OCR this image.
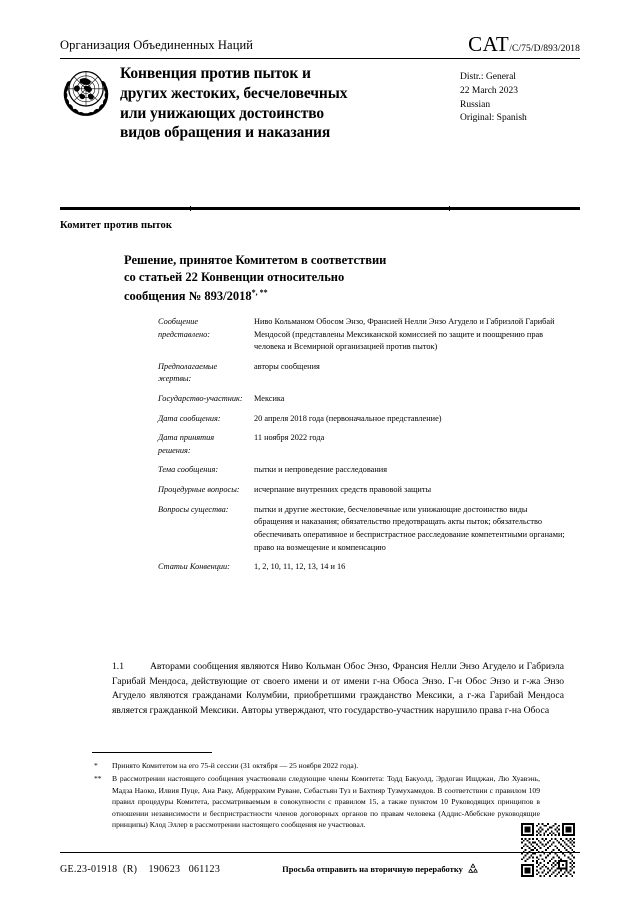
Организация Объединенных Наций	CAT /C/75/D/893/2018
Конвенция против пыток и
других жестоких, бесчеловечных
или унижающих достоинство
видов обращения и наказания
Distr.: General
22 March 2023
Russian
Original: Spanish
Комитет против пыток
Решение, принятое Комитетом в соответствии
со статьей 22 Конвенции относительно
сообщения № 893/2018*, **
Сообщение представлено:
Ниво Кольманом Обосом Энзо, Франсией Нелли Энзо Агудело и Габриэлой Гарибай Мендосой (представлены Мексиканской комиссией по защите и поощрению прав человека и Всемирной организацией против пыток)
Предполагаемые жертвы:
авторы сообщения
Государство-участник:	Мексика
Дата сообщения:	20 апреля 2018 года (первоначальное представление)
Дата принятия решения:
11 ноября 2022 года
Тема сообщения:	пытки и непроведение расследования
Процедурные вопросы:	исчерпание внутренних средств правовой защиты
Вопросы существа:	пытки и другие жестокие, бесчеловечные или унижающие достоинство виды обращения и наказания; обязательство предотвращать акты пыток; обязательство обеспечивать оперативное и беспристрастное расследование компетентными органами; право на возмещение и компенсацию
Статьи Конвенции:	1, 2, 10, 11, 12, 13, 14 и 16
1.1	Авторами сообщения являются Ниво Кольман Обос Энзо, Франсия Нелли Энзо Агудело и Габриэла Гарибай Мендоса, действующие от своего имени и от имени г-на Обоса Энзо. Г-н Обос Энзо и г-жа Энзо Агудело являются гражданами Колумбии, приобретшими гражданство Мексики, а г-жа Гарибай Мендоса является гражданкой Мексики. Авторы утверждают, что государство-участник нарушило права г-на Обоса
*	Принято Комитетом на его 75-й сессии (31 октября — 25 ноября 2022 года).
**	В рассмотрении настоящего сообщения участвовали следующие члены Комитета: Тодд Бакуолд, Эрдоган Ишджан, Лю Хуавэнь, Мадза Наоко, Илвия Пуце, Ана Раку, Абдеррахим Руване, Себастьян Туз и Бахтияр Тузмухамедов. В соответствии с правилом 109 правил процедуры Комитета, рассматриваемым в совокупности с правилом 15, а также пунктом 10 Руководящих принципов в отношении независимости и беспристрастности членов договорных органов по правам человека (Аддис-Абебские руководящие принципы) Клод Эллер в рассмотрении настоящего сообщения не участвовал.
GE.23-01918  (R)    190623   061123	Просьба отправить на вторичную переработку
